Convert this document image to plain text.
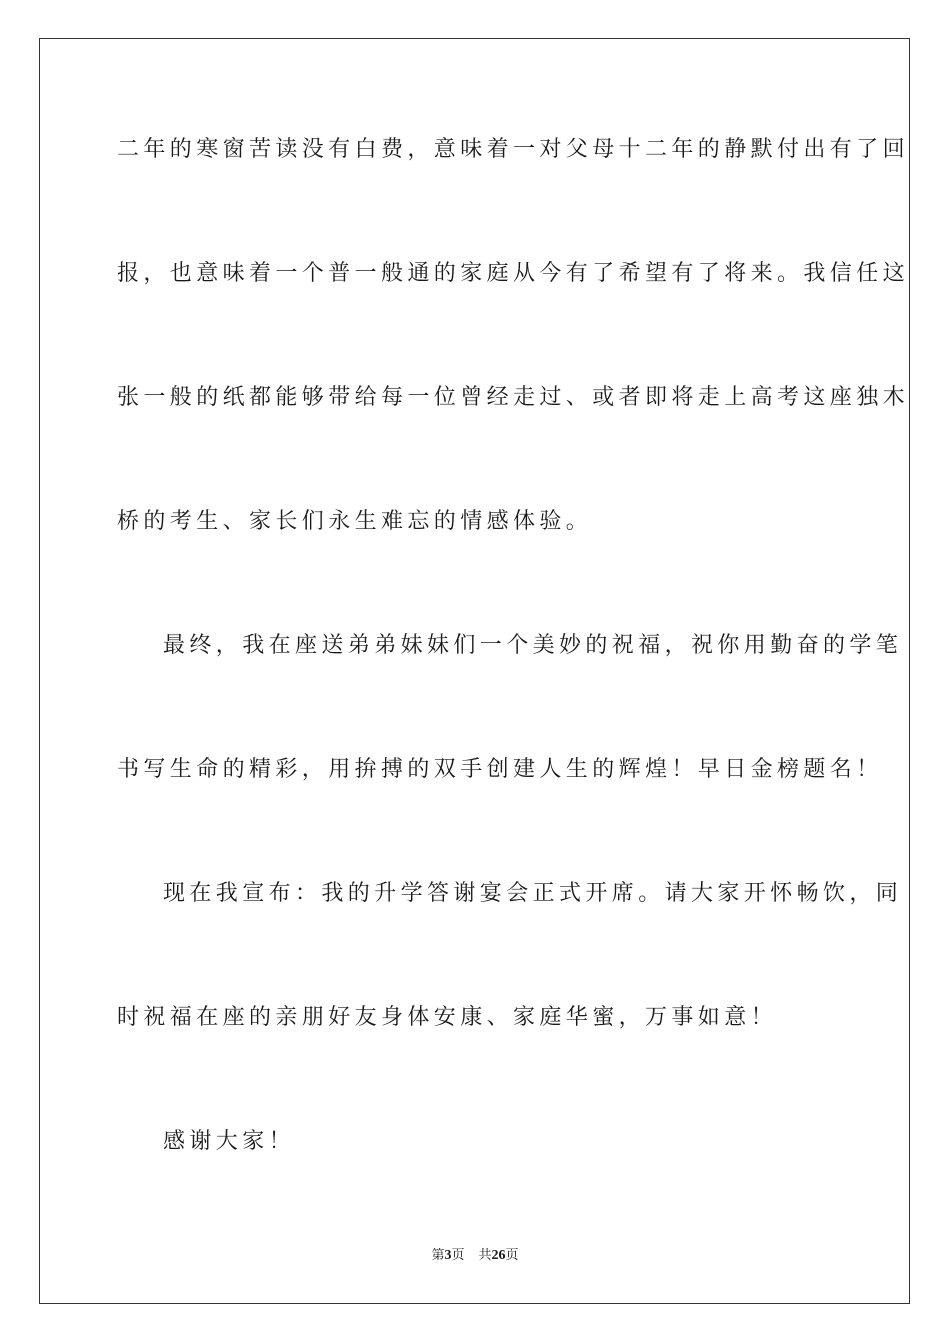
二年的寒窗苦读没有白费，意味着一对父母十二年的静默付出有了回
报，也意味着一个普一般通的家庭从今有了希望有了将来。我信任这
张一般的纸都能够带给每一位曾经走过、或者即将走上高考这座独木
桥的考生、家长们永生难忘的情感体验。
最终，我在座送弟弟妹妹们一个美妙的祝福，祝你用勤奋的学笔
书写生命的精彩，用拚搏的双手创建人生的辉煌！早日金榜题名！
现在我宣布：我的升学答谢宴会正式开席。请大家开怀畅饮，同
时祝福在座的亲朋好友身体安康、家庭华蜜，万事如意！
感谢大家！
第3页 共26页
